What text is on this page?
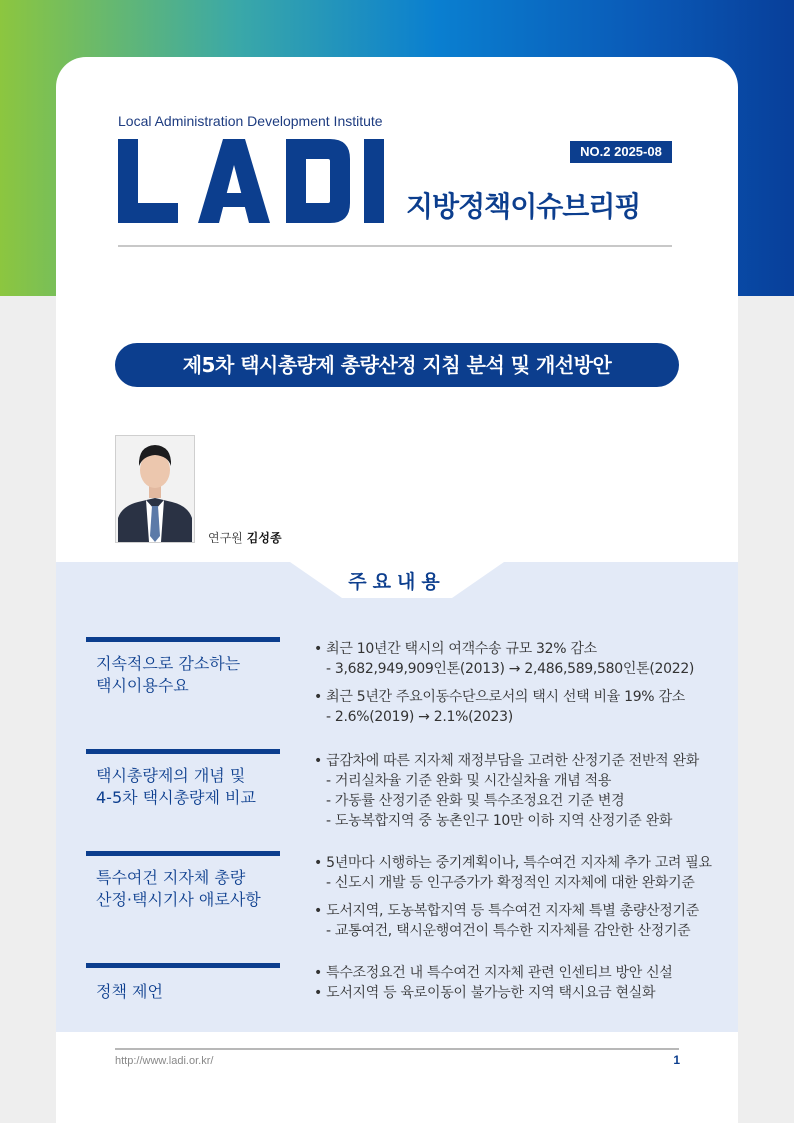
Local Administration Development Institute
NO.2 2025-08
지방정책이슈브리핑
제5차 택시총량제 총량산정 지침 분석 및 개선방안
연구원 김성종
주요내용
지속적으로 감소하는
택시이용수요
• 최근 10년간 택시의 여객수송 규모 32% 감소
- 3,682,949,909인톤(2013) → 2,486,589,580인톤(2022)
• 최근 5년간 주요이동수단으로서의 택시 선택 비율 19% 감소
- 2.6%(2019) → 2.1%(2023)
택시총량제의 개념 및
4-5차 택시총량제 비교
• 급감차에 따른 지자체 재정부담을 고려한 산정기준 전반적 완화
- 거리실차율 기준 완화 및 시간실차율 개념 적용
- 가동률 산정기준 완화 및 특수조정요건 기준 변경
- 도농복합지역 중 농촌인구 10만 이하 지역 산정기준 완화
특수여건 지자체 총량
산정·택시기사 애로사항
• 5년마다 시행하는 중기계획이나, 특수여건 지자체 추가 고려 필요
- 신도시 개발 등 인구증가가 확정적인 지자체에 대한 완화기준
• 도서지역, 도농복합지역 등 특수여건 지자체 특별 총량산정기준
- 교통여건, 택시운행여건이 특수한 지자체를 감안한 산정기준
정책 제언
• 특수조정요건 내 특수여건 지자체 관련 인센티브 방안 신설
• 도서지역 등 육로이동이 불가능한 지역 택시요금 현실화
http://www.ladi.or.kr/	1
